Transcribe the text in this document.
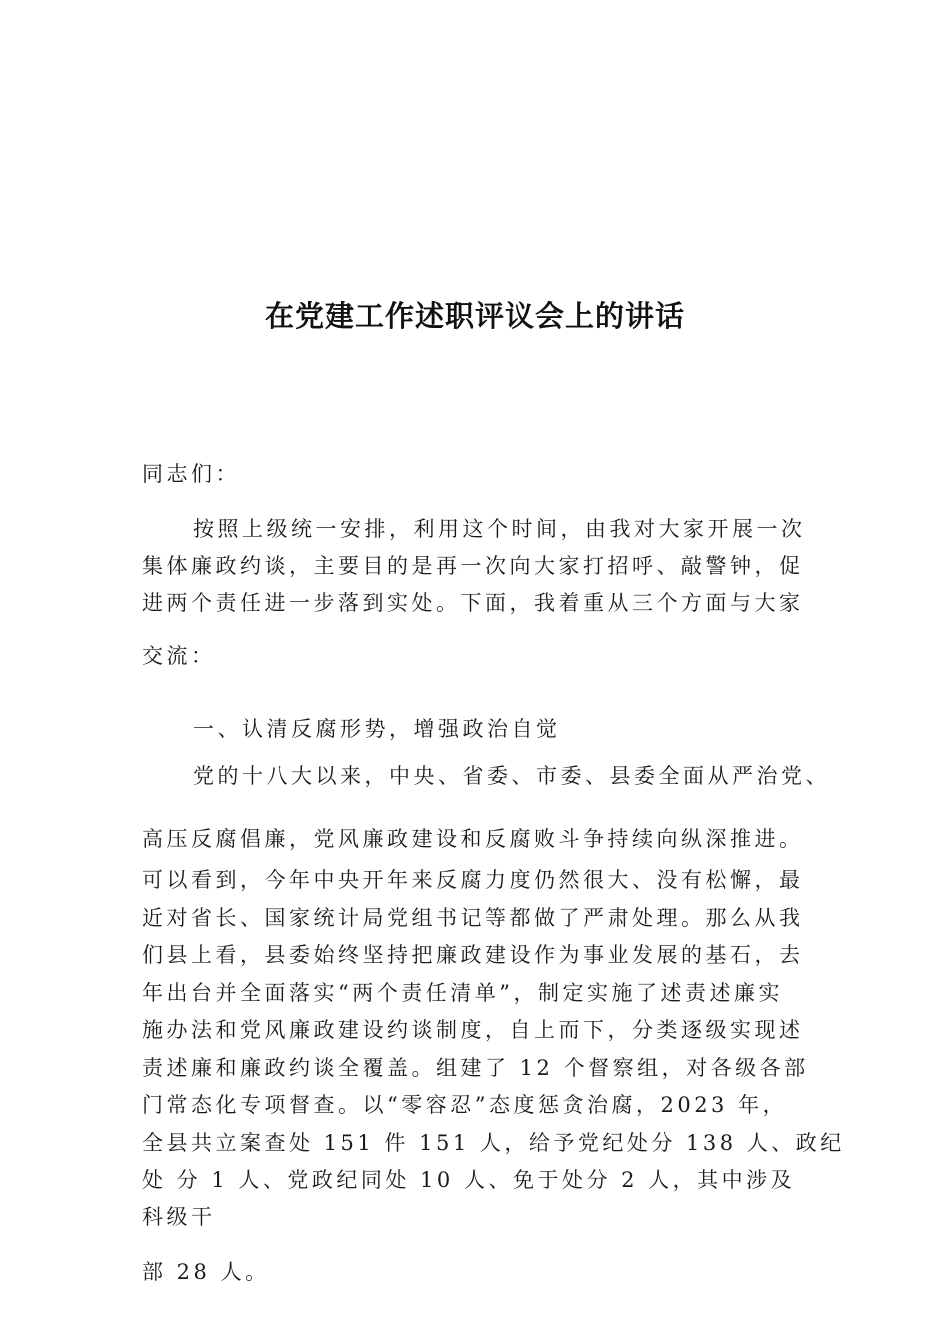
在党建工作述职评议会上的讲话
同志们：
按照上级统一安排，利用这个时间，由我对大家开展一次
集体廉政约谈，主要目的是再一次向大家打招呼、敲警钟，促
进两个责任进一步落到实处。下面，我着重从三个方面与大家
交流：
一、认清反腐形势，增强政治自觉
党的十八大以来，中央、省委、市委、县委全面从严治党、
高压反腐倡廉，党风廉政建设和反腐败斗争持续向纵深推进。
可以看到，今年中央开年来反腐力度仍然很大、没有松懈，最
近对省长、国家统计局党组书记等都做了严肃处理。那么从我
们县上看，县委始终坚持把廉政建设作为事业发展的基石，去
年出台并全面落实“两个责任清单”，制定实施了述责述廉实
施办法和党风廉政建设约谈制度，自上而下，分类逐级实现述
责述廉和廉政约谈全覆盖。组建了 12 个督察组，对各级各部
门常态化专项督查。以“零容忍”态度惩贪治腐，2023 年，
全县共立案查处 151 件 151 人，给予党纪处分 138 人、政纪
处 分 1 人、党政纪同处 10 人、免于处分 2 人，其中涉及
科级干
部 28 人。
